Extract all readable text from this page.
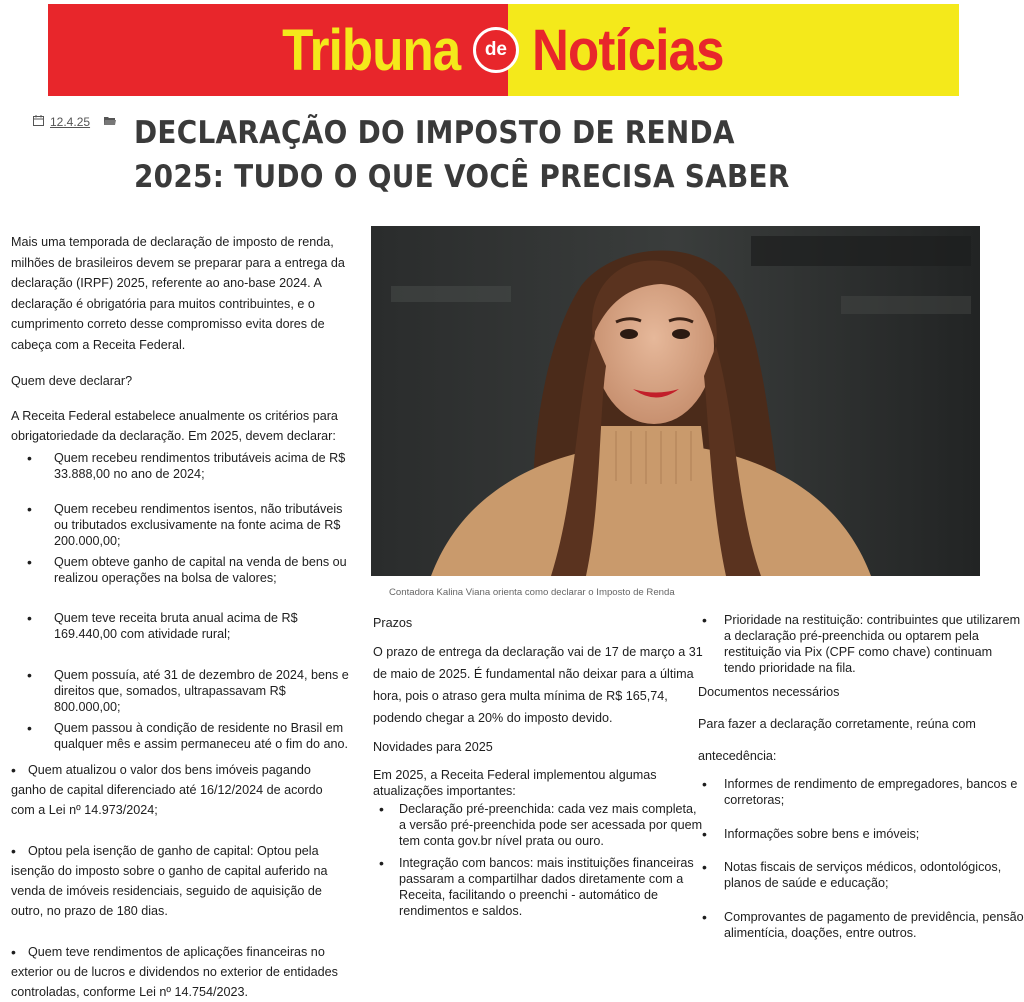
Tribuna	de Notícias
12.4.25 DECLARAÇÃO DO IMPOSTO DE RENDA 2025: TUDO O QUE VOCÊ PRECISA SABER

Mais uma temporada de declaração de imposto de renda, milhões de brasileiros devem se preparar para a entrega da declaração (IRPF) 2025, referente ao ano-base 2024. A declaração é obrigatória para muitos contribuintes, e o cumprimento correto desse compromisso evita dores de cabeça com a Receita Federal.

Quem deve declarar?

A Receita Federal estabelece anualmente os critérios para obrigatoriedade da declaração. Em 2025, devem declarar:

• Quem recebeu rendimentos tributáveis acima de R$ 33.888,00 no ano de 2024;
• Quem recebeu rendimentos isentos, não tributáveis ou tributados exclusivamente na fonte acima de R$ 200.000,00;
• Quem obteve ganho de capital na venda de bens ou realizou operações na bolsa de valores;
• Quem teve receita bruta anual acima de R$ 169.440,00 com atividade rural;
• Quem possuía, até 31 de dezembro de 2024, bens e direitos que, somados, ultrapassavam R$ 800.000,00;
• Quem passou à condição de residente no Brasil em qualquer mês e assim permaneceu até o fim do ano.
• Quem atualizou o valor dos bens imóveis pagando ganho de capital diferenciado até 16/12/2024 de acordo com a Lei nº 14.973/2024;
• Optou pela isenção de ganho de capital: Optou pela isenção do imposto sobre o ganho de capital auferido na venda de imóveis residenciais, seguido de aquisição de outro, no prazo de 180 dias.
• Quem teve rendimentos de aplicações financeiras no exterior ou de lucros e dividendos no exterior de entidades controladas, conforme Lei nº 14.754/2023.
Contadora Kalina Viana orienta como declarar o Imposto de Renda

Prazos

O prazo de entrega da declaração vai de 17 de março a 31 de maio de 2025. É fundamental não deixar para a última hora, pois o atraso gera multa mínima de R$ 165,74, podendo chegar a 20% do imposto devido.

Novidades para 2025

Em 2025, a Receita Federal implementou algumas atualizações importantes:

• Declaração pré-preenchida: cada vez mais completa, a versão pré-preenchida pode ser acessada por quem tem conta gov.br nível prata ou ouro.
• Integração com bancos: mais instituições financeiras passaram a compartilhar dados diretamente com a Receita, facilitando o preenchi - automático de rendimentos e saldos.
• Prioridade na restituição: contribuintes que utilizarem a declaração pré-preenchida ou optarem pela restituição via Pix (CPF como chave) continuam tendo prioridade na fila.

Documentos necessários

Para fazer a declaração corretamente, reúna com

antecedência:

• Informes de rendimento de empregadores, bancos e corretoras;
• Informações sobre bens e imóveis;
• Notas fiscais de serviços médicos, odontológicos, planos de saúde e educação;
• Comprovantes de pagamento de previdência, pensão alimentícia, doações, entre outros.
